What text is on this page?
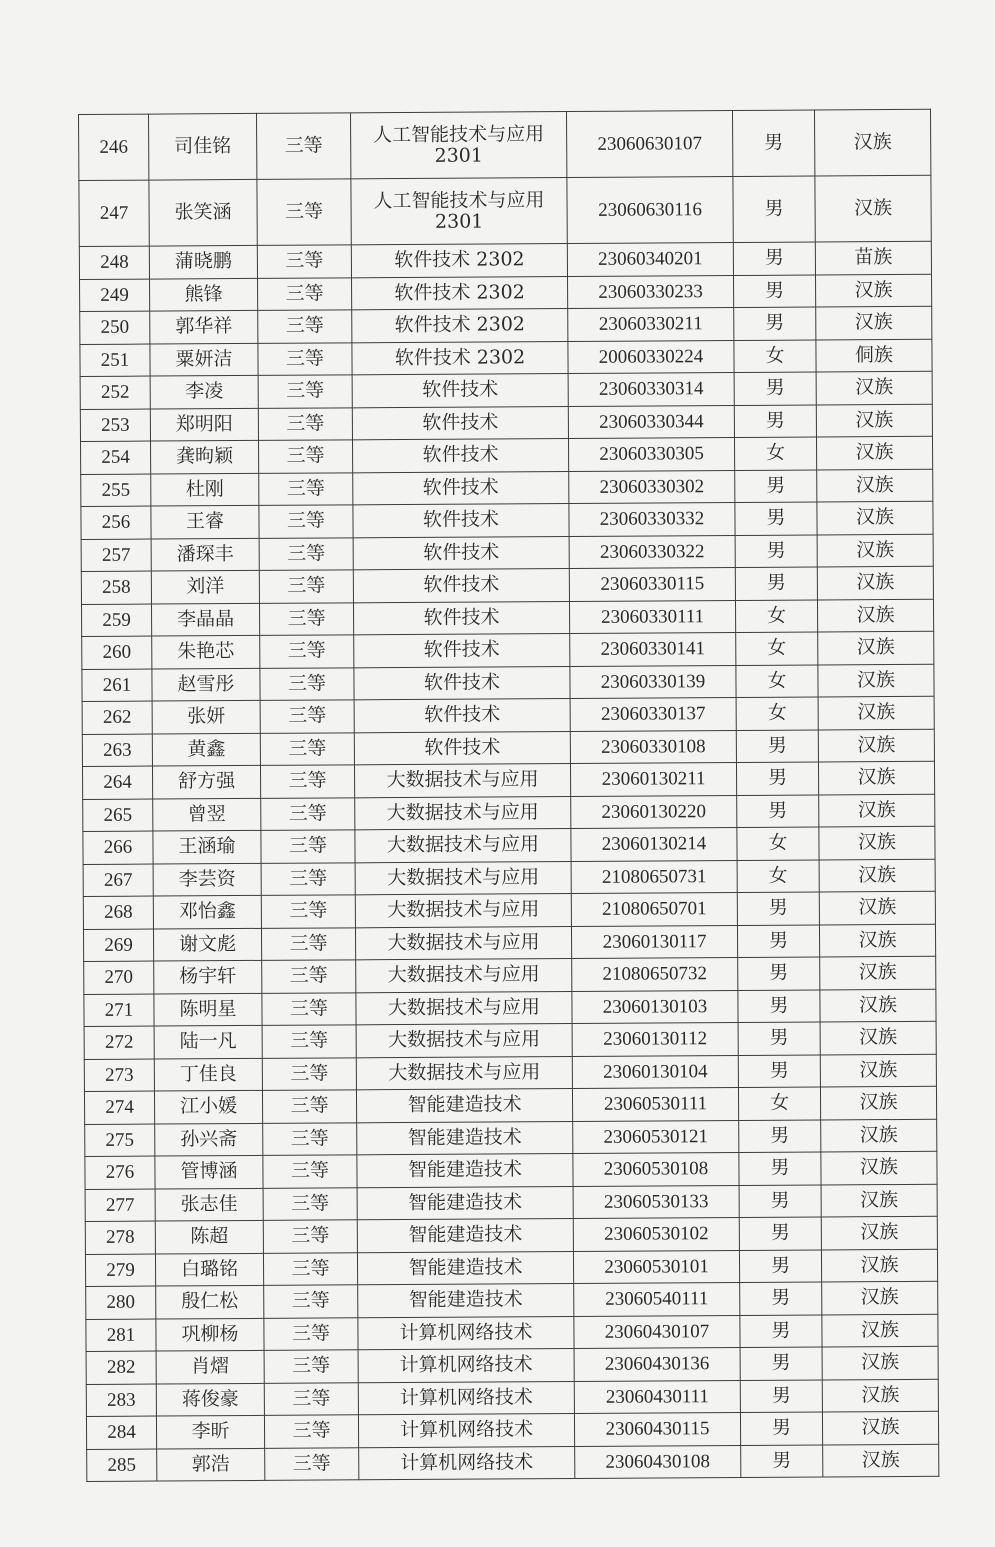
246	司佳铭	三等	人工智能技术与应用2301	23060630107	男	汉族
247	张笑涵	三等	人工智能技术与应用2301	23060630116	男	汉族
248	蒲晓鹏	三等	软件技术 2302	23060340201	男	苗族
249	熊锋	三等	软件技术 2302	23060330233	男	汉族
250	郭华祥	三等	软件技术 2302	23060330211	男	汉族
251	粟妍洁	三等	软件技术 2302	20060330224	女	侗族
252	李凌	三等	软件技术	23060330314	男	汉族
253	郑明阳	三等	软件技术	23060330344	男	汉族
254	龚昫颖	三等	软件技术	23060330305	女	汉族
255	杜刚	三等	软件技术	23060330302	男	汉族
256	王睿	三等	软件技术	23060330332	男	汉族
257	潘琛丰	三等	软件技术	23060330322	男	汉族
258	刘洋	三等	软件技术	23060330115	男	汉族
259	李晶晶	三等	软件技术	23060330111	女	汉族
260	朱艳芯	三等	软件技术	23060330141	女	汉族
261	赵雪彤	三等	软件技术	23060330139	女	汉族
262	张妍	三等	软件技术	23060330137	女	汉族
263	黄鑫	三等	软件技术	23060330108	男	汉族
264	舒方强	三等	大数据技术与应用	23060130211	男	汉族
265	曾翌	三等	大数据技术与应用	23060130220	男	汉族
266	王涵瑜	三等	大数据技术与应用	23060130214	女	汉族
267	李芸资	三等	大数据技术与应用	21080650731	女	汉族
268	邓怡鑫	三等	大数据技术与应用	21080650701	男	汉族
269	谢文彪	三等	大数据技术与应用	23060130117	男	汉族
270	杨宇轩	三等	大数据技术与应用	21080650732	男	汉族
271	陈明星	三等	大数据技术与应用	23060130103	男	汉族
272	陆一凡	三等	大数据技术与应用	23060130112	男	汉族
273	丁佳良	三等	大数据技术与应用	23060130104	男	汉族
274	江小媛	三等	智能建造技术	23060530111	女	汉族
275	孙兴斋	三等	智能建造技术	23060530121	男	汉族
276	管博涵	三等	智能建造技术	23060530108	男	汉族
277	张志佳	三等	智能建造技术	23060530133	男	汉族
278	陈超	三等	智能建造技术	23060530102	男	汉族
279	白璐铭	三等	智能建造技术	23060530101	男	汉族
280	殷仁松	三等	智能建造技术	23060540111	男	汉族
281	巩柳杨	三等	计算机网络技术	23060430107	男	汉族
282	肖熠	三等	计算机网络技术	23060430136	男	汉族
283	蒋俊豪	三等	计算机网络技术	23060430111	男	汉族
284	李昕	三等	计算机网络技术	23060430115	男	汉族
285	郭浩	三等	计算机网络技术	23060430108	男	汉族
